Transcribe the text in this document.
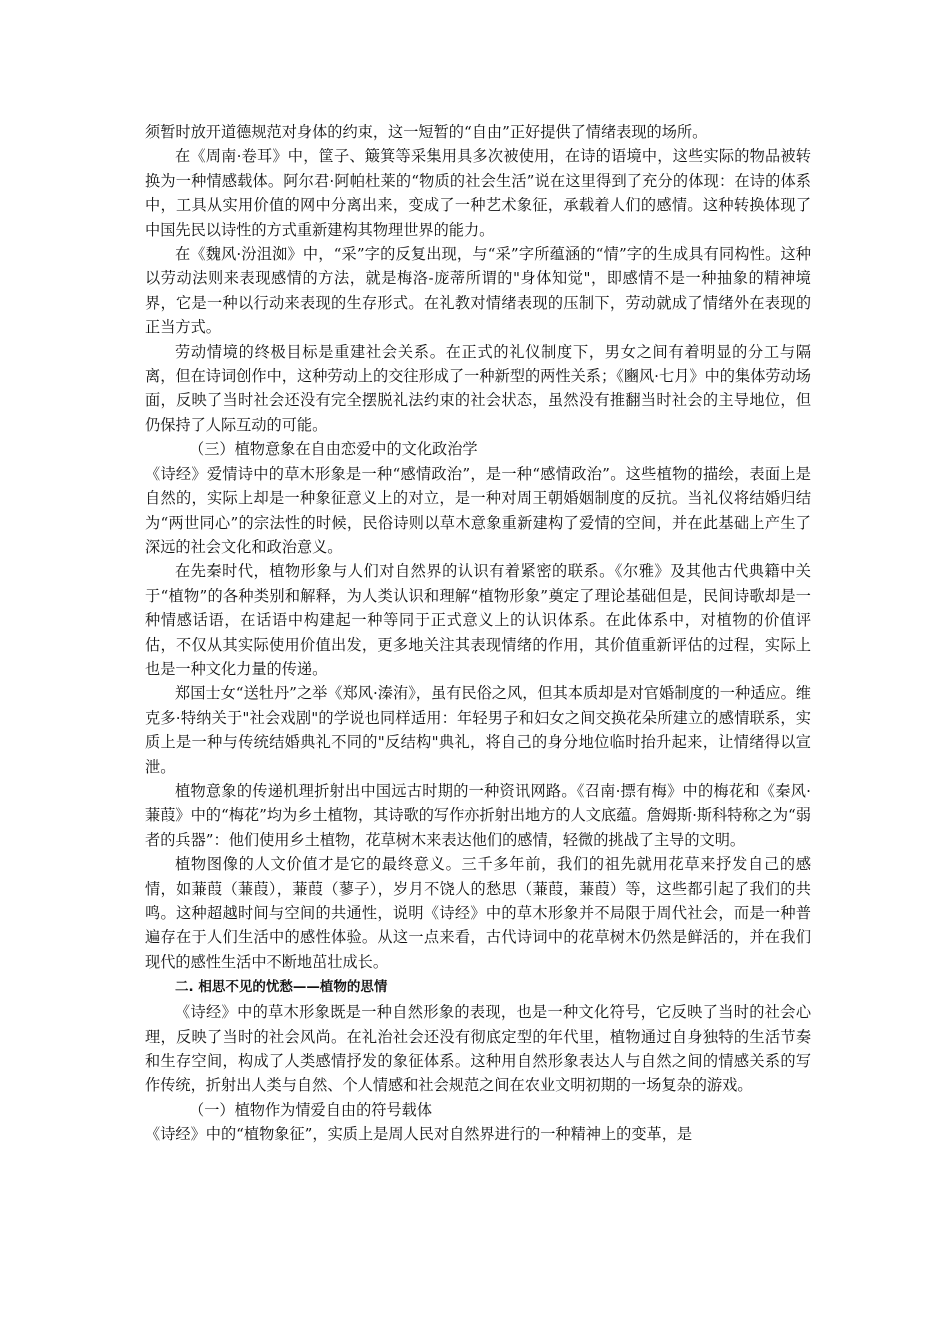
须暂时放开道德规范对身体的约束，这一短暂的“自由”正好提供了情绪表现的场所。

在《周南·卷耳》中，筐子、簸箕等采集用具多次被使用，在诗的语境中，这些实际的物品被转换为一种情感载体。阿尔君·阿帕杜莱的“物质的社会生活”说在这里得到了充分的体现：在诗的体系中，工具从实用价值的网中分离出来，变成了一种艺术象征，承载着人们的感情。这种转换体现了中国先民以诗性的方式重新建构其物理世界的能力。

在《魏风·汾沮洳》中，“采”字的反复出现，与“采”字所蕴涵的“情”字的生成具有同构性。这种以劳动法则来表现感情的方法，就是梅洛-庞蒂所谓的"身体知觉"，即感情不是一种抽象的精神境界，它是一种以行动来表现的生存形式。在礼教对情绪表现的压制下，劳动就成了情绪外在表现的正当方式。

劳动情境的终极目标是重建社会关系。在正式的礼仪制度下，男女之间有着明显的分工与隔离，但在诗词创作中，这种劳动上的交往形成了一种新型的两性关系；《豳风·七月》中的集体劳动场面，反映了当时社会还没有完全摆脱礼法约束的社会状态，虽然没有推翻当时社会的主导地位，但仍保持了人际互动的可能。

（三）植物意象在自由恋爱中的文化政治学

《诗经》爱情诗中的草木形象是一种“感情政治”，是一种“感情政治”。这些植物的描绘，表面上是自然的，实际上却是一种象征意义上的对立，是一种对周王朝婚姻制度的反抗。当礼仪将结婚归结为“两世同心”的宗法性的时候，民俗诗则以草木意象重新建构了爱情的空间，并在此基础上产生了深远的社会文化和政治意义。

在先秦时代，植物形象与人们对自然界的认识有着紧密的联系。《尔雅》及其他古代典籍中关于“植物”的各种类别和解释，为人类认识和理解“植物形象”奠定了理论基础但是，民间诗歌却是一种情感话语，在话语中构建起一种等同于正式意义上的认识体系。在此体系中，对植物的价值评估，不仅从其实际使用价值出发，更多地关注其表现情绪的作用，其价值重新评估的过程，实际上也是一种文化力量的传递。

郑国士女“送牡丹”之举《郑风·溱洧》，虽有民俗之风，但其本质却是对官婚制度的一种适应。维克多·特纳关于"社会戏剧"的学说也同样适用：年轻男子和妇女之间交换花朵所建立的感情联系，实质上是一种与传统结婚典礼不同的"反结构"典礼，将自己的身分地位临时抬升起来，让情绪得以宣泄。

植物意象的传递机理折射出中国远古时期的一种资讯网路。《召南·摽有梅》中的梅花和《秦风·蒹葭》中的“梅花”均为乡土植物，其诗歌的写作亦折射出地方的人文底蕴。詹姆斯·斯科特称之为“弱者的兵器”：他们使用乡土植物，花草树木来表达他们的感情，轻微的挑战了主导的文明。

植物图像的人文价值才是它的最终意义。三千多年前，我们的祖先就用花草来抒发自己的感情，如蒹葭（蒹葭），蒹葭（蓼子），岁月不饶人的愁思（蒹葭，蒹葭）等，这些都引起了我们的共鸣。这种超越时间与空间的共通性，说明《诗经》中的草木形象并不局限于周代社会，而是一种普遍存在于人们生活中的感性体验。从这一点来看，古代诗词中的花草树木仍然是鲜活的，并在我们现代的感性生活中不断地茁壮成长。

二. 相思不见的忧愁——植物的思情

《诗经》中的草木形象既是一种自然形象的表现，也是一种文化符号，它反映了当时的社会心理，反映了当时的社会风尚。在礼治社会还没有彻底定型的年代里，植物通过自身独特的生活节奏和生存空间，构成了人类感情抒发的象征体系。这种用自然形象表达人与自然之间的情感关系的写作传统，折射出人类与自然、个人情感和社会规范之间在农业文明初期的一场复杂的游戏。

（一）植物作为情爱自由的符号载体

《诗经》中的“植物象征”，实质上是周人民对自然界进行的一种精神上的变革，是
